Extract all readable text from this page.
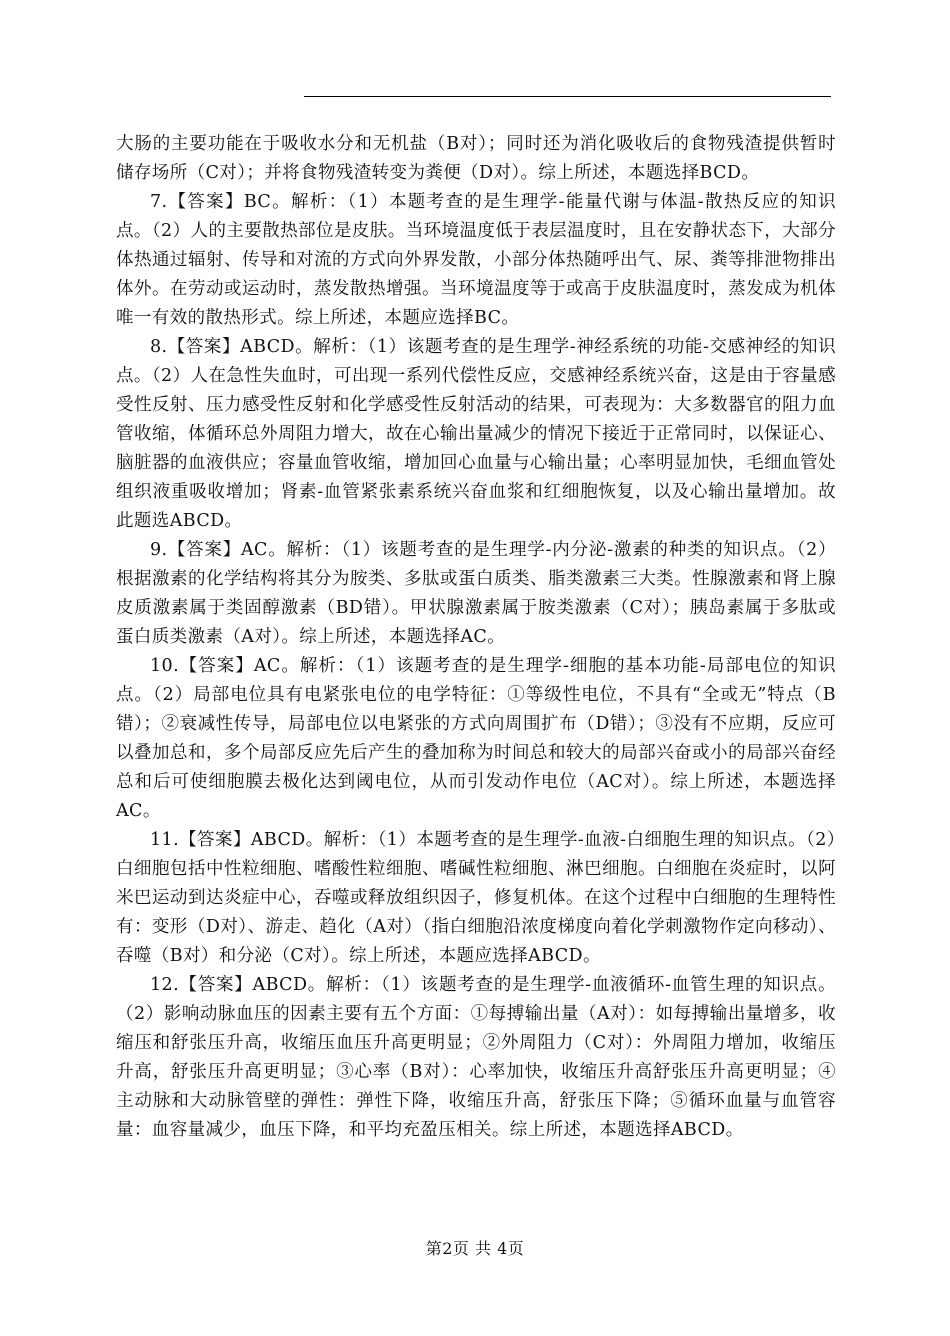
大肠的主要功能在于吸收水分和无机盐（B对）；同时还为消化吸收后的食物残渣提供暂时储存场所（C对）；并将食物残渣转变为粪便（D对）。综上所述，本题选择BCD。

7.【答案】BC。解析：（1）本题考查的是生理学-能量代谢与体温-散热反应的知识点。（2）人的主要散热部位是皮肤。当环境温度低于表层温度时，且在安静状态下，大部分体热通过辐射、传导和对流的方式向外界发散，小部分体热随呼出气、尿、粪等排泄物排出体外。在劳动或运动时，蒸发散热增强。当环境温度等于或高于皮肤温度时，蒸发成为机体唯一有效的散热形式。综上所述，本题应选择BC。

8.【答案】ABCD。解析：（1）该题考查的是生理学-神经系统的功能-交感神经的知识点。（2）人在急性失血时，可出现一系列代偿性反应，交感神经系统兴奋，这是由于容量感受性反射、压力感受性反射和化学感受性反射活动的结果，可表现为：大多数器官的阻力血管收缩，体循环总外周阻力增大，故在心输出量减少的情况下接近于正常同时，以保证心、脑脏器的血液供应；容量血管收缩，增加回心血量与心输出量；心率明显加快，毛细血管处组织液重吸收增加；肾素-血管紧张素系统兴奋血浆和红细胞恢复，以及心输出量增加。故此题选ABCD。

9.【答案】AC。解析：（1）该题考查的是生理学-内分泌-激素的种类的知识点。（2）根据激素的化学结构将其分为胺类、多肽或蛋白质类、脂类激素三大类。性腺激素和肾上腺皮质激素属于类固醇激素（BD错）。甲状腺激素属于胺类激素（C对）；胰岛素属于多肽或蛋白质类激素（A对）。综上所述，本题选择AC。

10.【答案】AC。解析：（1）该题考查的是生理学-细胞的基本功能-局部电位的知识点。（2）局部电位具有电紧张电位的电学特征：①等级性电位，不具有“全或无”特点（B错）；②衰减性传导，局部电位以电紧张的方式向周围扩布（D错）；③没有不应期，反应可以叠加总和，多个局部反应先后产生的叠加称为时间总和较大的局部兴奋或小的局部兴奋经总和后可使细胞膜去极化达到阈电位，从而引发动作电位（AC对）。综上所述，本题选择AC。

11.【答案】ABCD。解析：（1）本题考查的是生理学-血液-白细胞生理的知识点。（2）白细胞包括中性粒细胞、嗜酸性粒细胞、嗜碱性粒细胞、淋巴细胞。白细胞在炎症时，以阿米巴运动到达炎症中心，吞噬或释放组织因子，修复机体。在这个过程中白细胞的生理特性有：变形（D对）、游走、趋化（A对）（指白细胞沿浓度梯度向着化学刺激物作定向移动）、吞噬（B对）和分泌（C对）。综上所述，本题应选择ABCD。

12.【答案】ABCD。解析：（1）该题考查的是生理学-血液循环-血管生理的知识点。（2）影响动脉血压的因素主要有五个方面：①每搏输出量（A对）：如每搏输出量增多，收缩压和舒张压升高，收缩压血压升高更明显；②外周阻力（C对）：外周阻力增加，收缩压升高，舒张压升高更明显；③心率（B对）：心率加快，收缩压升高舒张压升高更明显；④主动脉和大动脉管壁的弹性：弹性下降，收缩压升高，舒张压下降；⑤循环血量与血管容量：血容量减少，血压下降，和平均充盈压相关。综上所述，本题选择ABCD。

第2页 共 4页
